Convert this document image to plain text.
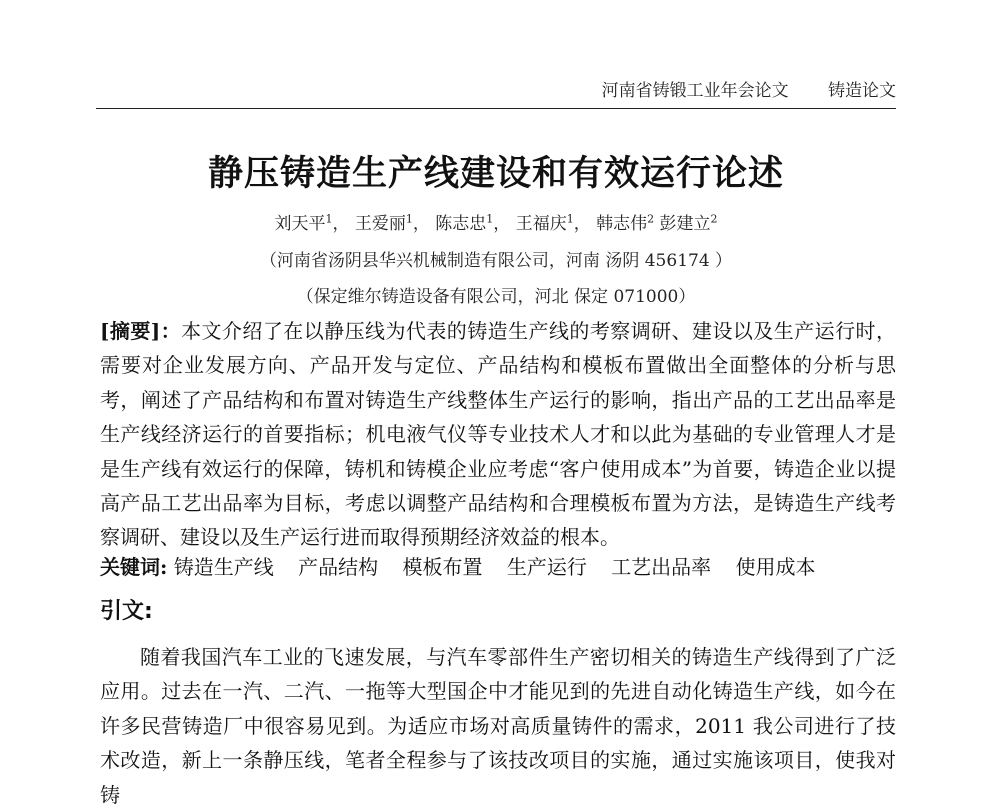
河南省铸锻工业年会论文 铸造论文
静压铸造生产线建设和有效运行论述
刘天平$^1$， 王爱丽$^1$， 陈志忠$^1$， 王福庆$^1$， 韩志伟$^2$ 彭建立$^2$
（河南省汤阴县华兴机械制造有限公司，河南 汤阴 456174 ）
（保定维尔铸造设备有限公司，河北 保定 071000）
[摘要]：本文介绍了在以静压线为代表的铸造生产线的考察调研、建设以及生产运行时，需要对企业发展方向、产品开发与定位、产品结构和模板布置做出全面整体的分析与思考，阐述了产品结构和布置对铸造生产线整体生产运行的影响，指出产品的工艺出品率是生产线经济运行的首要指标；机电液气仪等专业技术人才和以此为基础的专业管理人才是是生产线有效运行的保障，铸机和铸模企业应考虑“客户使用成本”为首要，铸造企业以提高产品工艺出品率为目标，考虑以调整产品结构和合理模板布置为方法，是铸造生产线考察调研、建设以及生产运行进而取得预期经济效益的根本。
关键词: 铸造生产线 产品结构 模板布置 生产运行 工艺出品率 使用成本
引文:
随着我国汽车工业的飞速发展，与汽车零部件生产密切相关的铸造生产线得到了广泛应用。过去在一汽、二汽、一拖等大型国企中才能见到的先进自动化铸造生产线，如今在许多民营铸造厂中很容易见到。为适应市场对高质量铸件的需求，2011 我公司进行了技术改造，新上一条静压线，笔者全程参与了该技改项目的实施，通过实施该项目，使我对铸
